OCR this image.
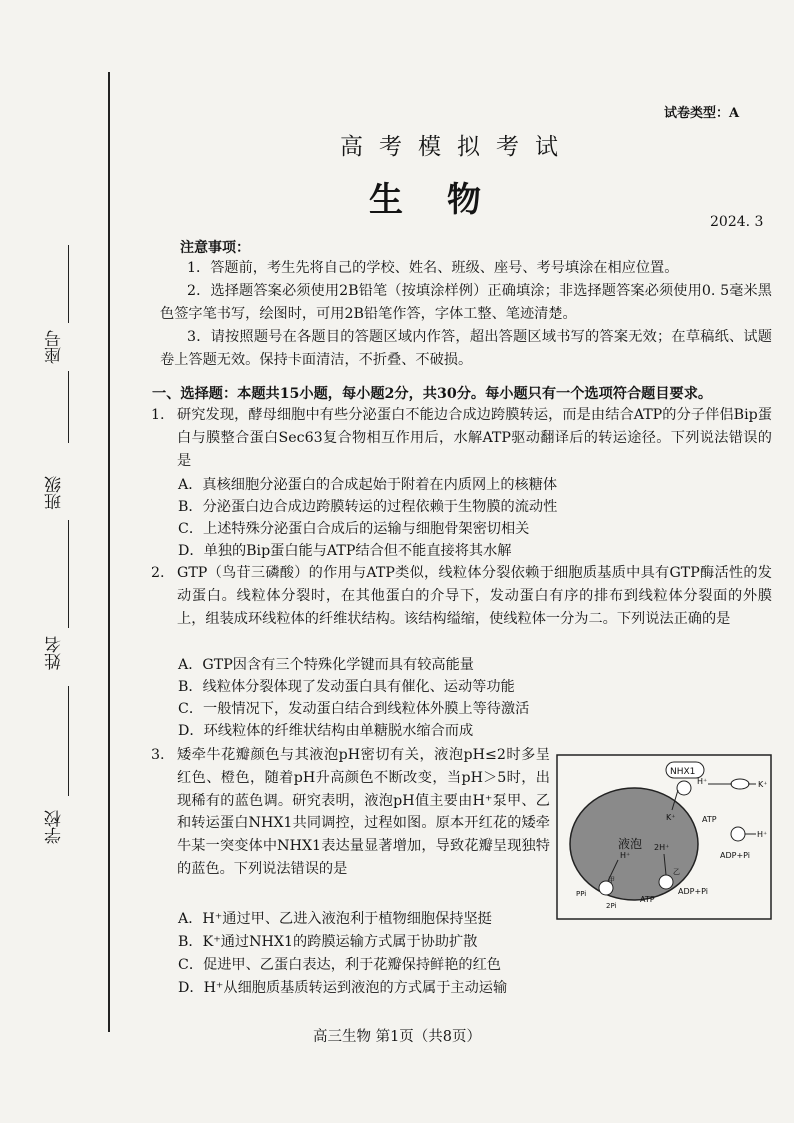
座号
班级
姓名
学校
试卷类型：A
高考模拟考试
生物
2024. 3
注意事项：
1．答题前，考生先将自己的学校、姓名、班级、座号、考号填涂在相应位置。
2．选择题答案必须使用2B铅笔（按填涂样例）正确填涂；非选择题答案必须使用0. 5毫米黑色签字笔书写，绘图时，可用2B铅笔作答，字体工整、笔迹清楚。
3．请按照题号在各题目的答题区域内作答，超出答题区域书写的答案无效；在草稿纸、试题卷上答题无效。保持卡面清洁，不折叠、不破损。
一、选择题：本题共15小题，每小题2分，共30分。每小题只有一个选项符合题目要求。
1. 研究发现，酵母细胞中有些分泌蛋白不能边合成边跨膜转运，而是由结合ATP的分子伴侣Bip蛋白与膜整合蛋白Sec63复合物相互作用后，水解ATP驱动翻译后的转运途径。下列说法错误的是
A．真核细胞分泌蛋白的合成起始于附着在内质网上的核糖体
B．分泌蛋白边合成边跨膜转运的过程依赖于生物膜的流动性
C．上述特殊分泌蛋白合成后的运输与细胞骨架密切相关
D．单独的Bip蛋白能与ATP结合但不能直接将其水解
2. GTP（鸟苷三磷酸）的作用与ATP类似，线粒体分裂依赖于细胞质基质中具有GTP酶活性的发动蛋白。线粒体分裂时，在其他蛋白的介导下，发动蛋白有序的排布到线粒体分裂面的外膜上，组装成环线粒体的纤维状结构。该结构缢缩，使线粒体一分为二。下列说法正确的是
A．GTP因含有三个特殊化学键而具有较高能量
B．线粒体分裂体现了发动蛋白具有催化、运动等功能
C．一般情况下，发动蛋白结合到线粒体外膜上等待激活
D．环线粒体的纤维状结构由单糖脱水缩合而成
3. 矮牵牛花瓣颜色与其液泡pH密切有关，液泡pH≤2时多呈红色、橙色，随着pH升高颜色不断改变，当pH＞5时，出现稀有的蓝色调。研究表明，液泡pH值主要由H⁺泵甲、乙和转运蛋白NHX1共同调控，过程如图。原本开红花的矮牵牛某一突变体中NHX1表达量显著增加，导致花瓣呈现独特的蓝色。下列说法错误的是
A．H⁺通过甲、乙进入液泡利于植物细胞保持坚挺
B．K⁺通过NHX1的跨膜运输方式属于协助扩散
C．促进甲、乙蛋白表达，利于花瓣保持鲜艳的红色
D．H⁺从细胞质基质转运到液泡的方式属于主动运输
液泡
NHX1
H⁺
K⁺
K⁺
H⁺
ATP
ADP+Pi
甲
H⁺
PPi
2Pi
乙
2H⁺
ATP
ADP+Pi
高三生物 第1页（共8页）
